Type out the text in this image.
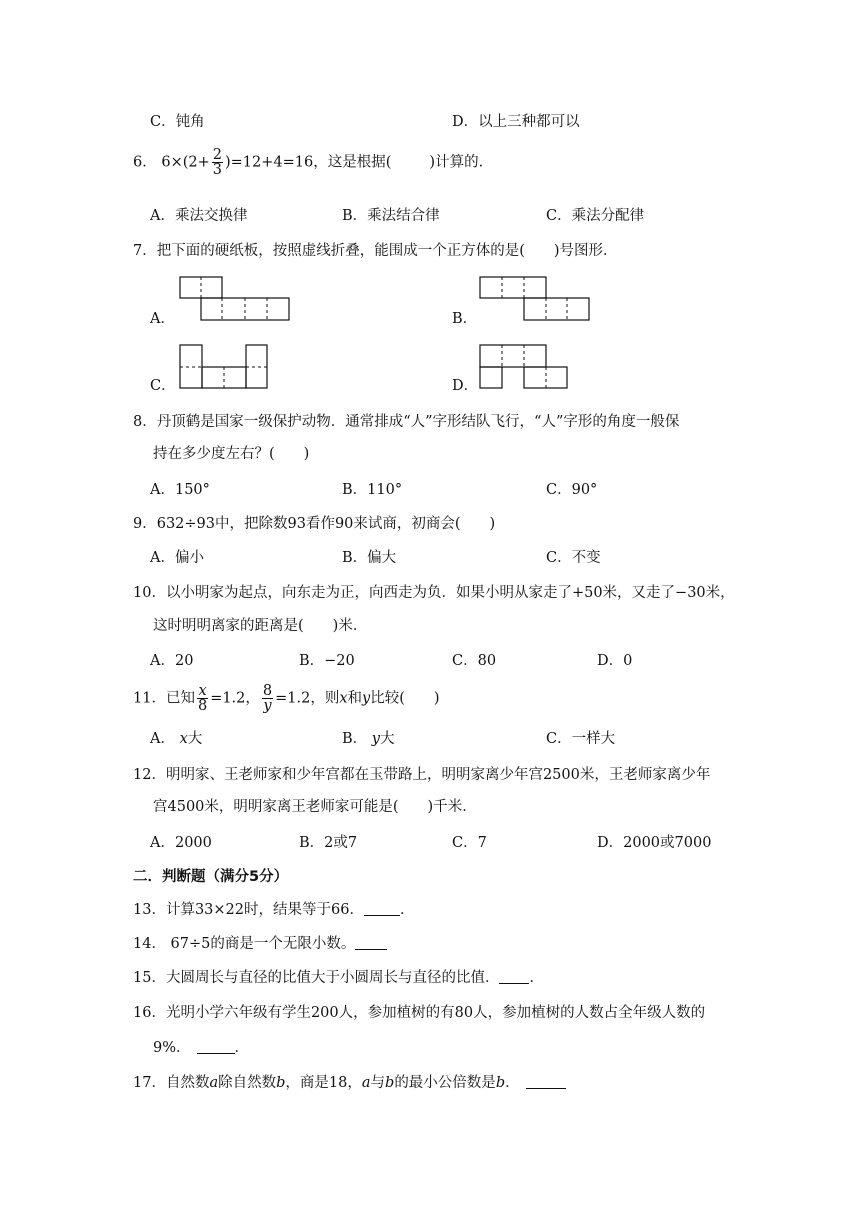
C．钝角	D．以上三种都可以
6． $6\times(2+ \frac{2}{3} )=12+4=16$，这是根据(	)计算的．
A．乘法交换律	B．乘法结合律	C．乘法分配律
7．把下面的硬纸板，按照虚线折叠，能围成一个正方体的是(　　)号图形．
A．	B．
C．	D．
8．丹顶鹤是国家一级保护动物．通常排成“人”字形结队飞行，“人”字形的角度一般保
持在多少度左右？(　　)
A．150°	B．110°	C．90°
9．632÷93中，把除数93看作90来试商，初商会(　　)
A．偏小	B．偏大	C．不变
10．以小明家为起点，向东走为正，向西走为负．如果小明从家走了+50米，又走了−30米，
这时明明离家的距离是(　　)米．
A．20	B．−20	C．80	D．0
11．已知 $\frac{x}{8} =1.2$， $\frac{8}{y} =1.2$，则x和y比较(　　)
A． x大	B． y大	C．一样大
12．明明家、王老师家和少年宫都在玉带路上，明明家离少年宫2500米，王老师家离少年
宫4500米，明明家离王老师家可能是(　　)千米．
A．2000	B．2或7	C．7	D．2000或7000
二．判断题（满分5分）
13．计算33×22时，结果等于66． ．
14． 67÷5的商是一个无限小数。
15．大圆周长与直径的比值大于小圆周长与直径的比值． ．
16．光明小学六年级有学生200人，参加植树的有80人，参加植树的人数占全年级人数的
9%．	．
17．自然数a除自然数b，商是18，a与b的最小公倍数是b．
